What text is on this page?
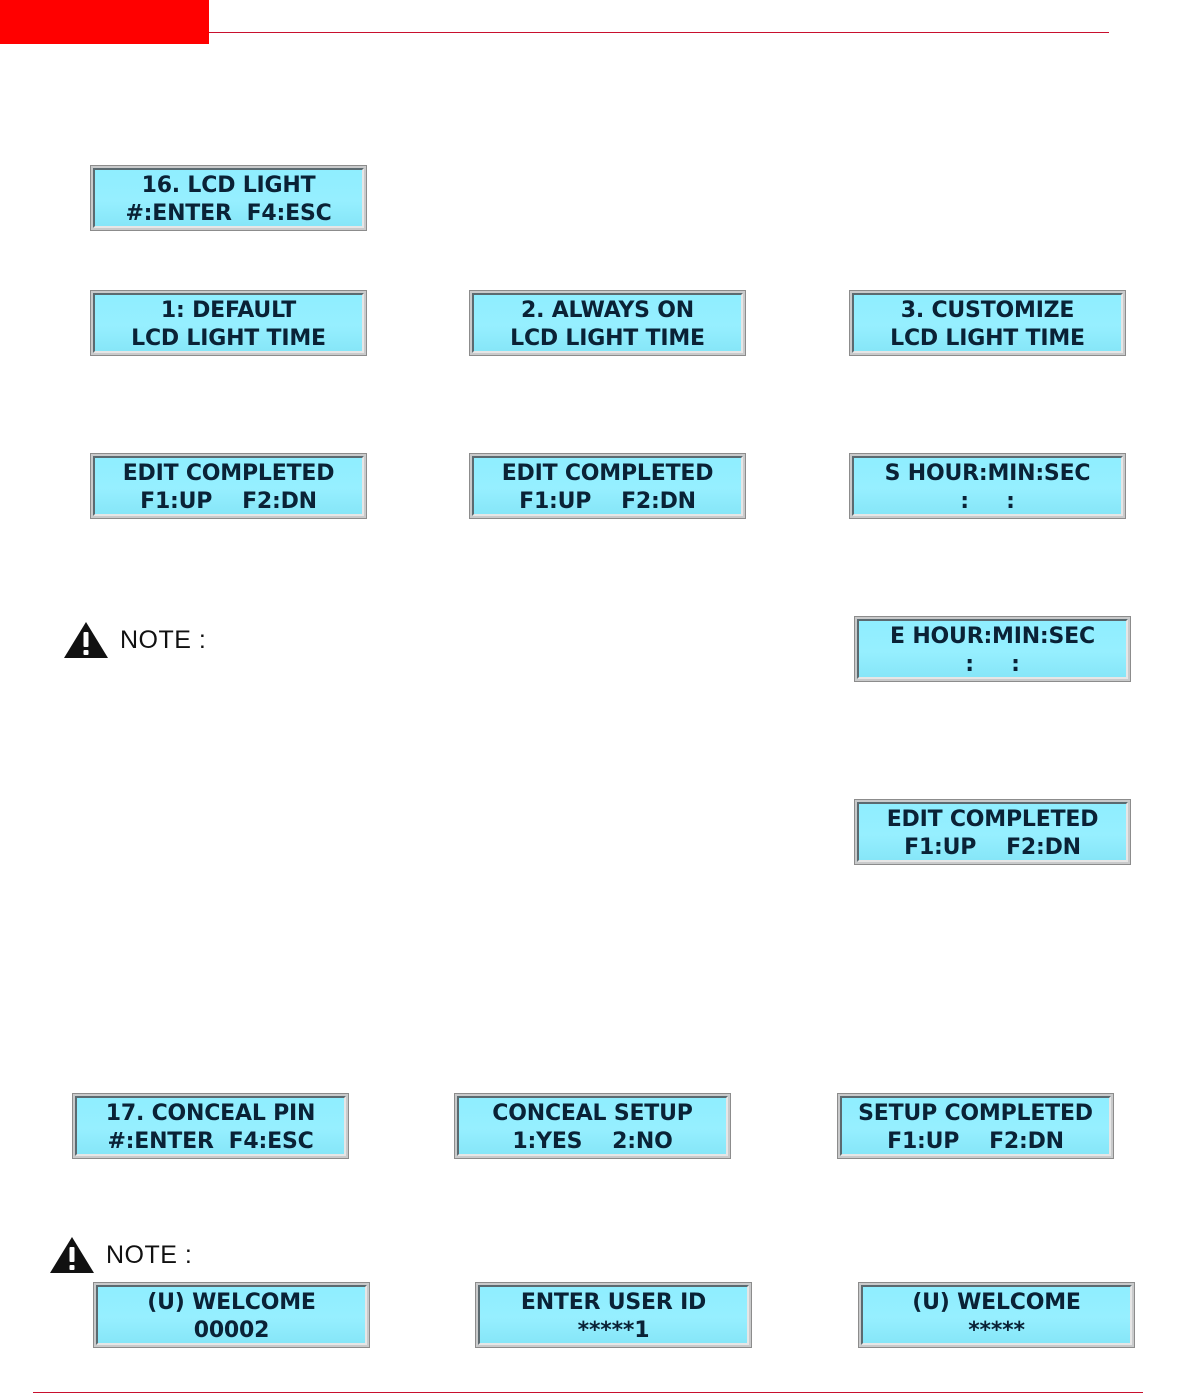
16. LCD LIGHT
#:ENTER  F4:ESC
1: DEFAULT
LCD LIGHT TIME
2. ALWAYS ON
LCD LIGHT TIME
3. CUSTOMIZE
LCD LIGHT TIME
EDIT COMPLETED
F1:UP    F2:DN
EDIT COMPLETED
F1:UP    F2:DN
S HOUR:MIN:SEC
:     :
NOTE :	E HOUR:MIN:SEC
:     :
EDIT COMPLETED
F1:UP    F2:DN
17. CONCEAL PIN
#:ENTER  F4:ESC
CONCEAL SETUP
1:YES    2:NO
SETUP COMPLETED
F1:UP    F2:DN
NOTE :
(U) WELCOME
00002
ENTER USER ID
*****1
(U) WELCOME
*****
